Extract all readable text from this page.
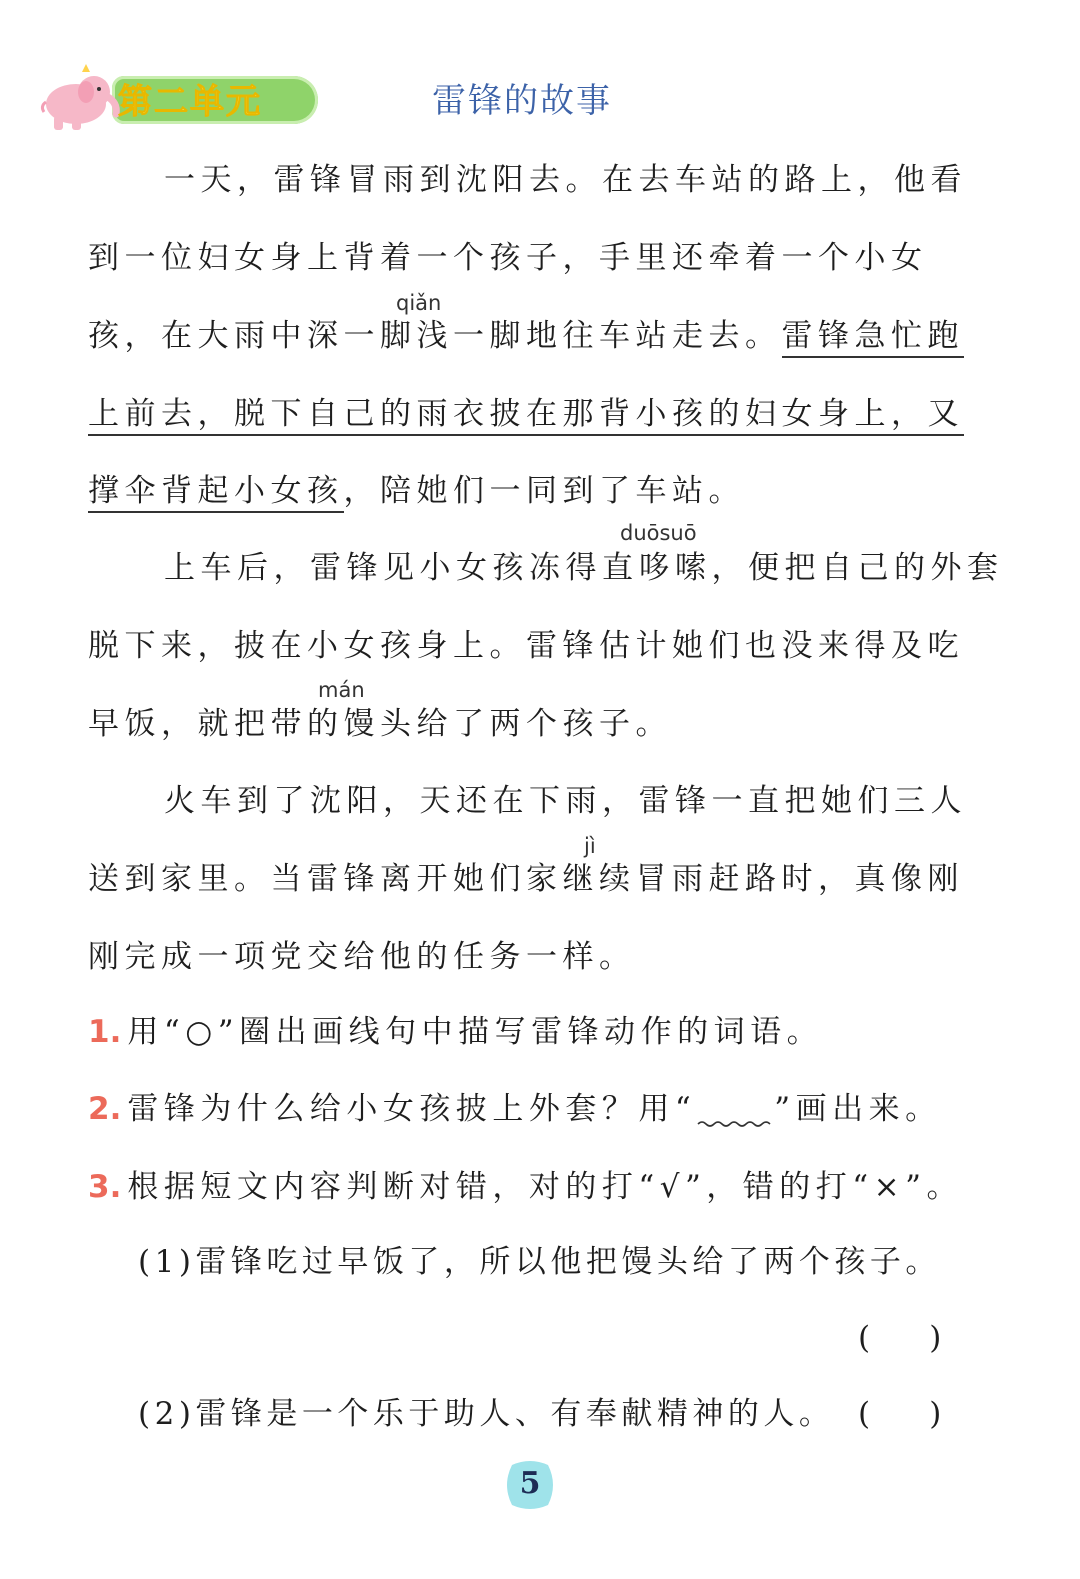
第二单元	雷锋的故事
一天，雷锋冒雨到沈阳去。在去车站的路上，他看
到一位妇女身上背着一个孩子，手里还牵着一个小女
qiǎn
孩，在大雨中深一脚浅一脚地往车站走去。雷锋急忙跑
上前去，脱下自己的雨衣披在那背小孩的妇女身上，又
撑伞背起小女孩，陪她们一同到了车站。
duōsuō
上车后，雷锋见小女孩冻得直哆嗦，便把自己的外套
脱下来，披在小女孩身上。雷锋估计她们也没来得及吃
mán
早饭，就把带的馒头给了两个孩子。
火车到了沈阳，天还在下雨，雷锋一直把她们三人
jì
送到家里。当雷锋离开她们家继续冒雨赶路时，真像刚
刚完成一项党交给他的任务一样。
1. 用“○”圈出画线句中描写雷锋动作的词语。
2. 雷锋为什么给小女孩披上外套？用“	”画出来。
3. 根据短文内容判断对错，对的打“√”，错的打“×”。
(1)雷锋吃过早饭了，所以他把馒头给了两个孩子。
(      )
(2)雷锋是一个乐于助人、有奉献精神的人。 (      )
5
